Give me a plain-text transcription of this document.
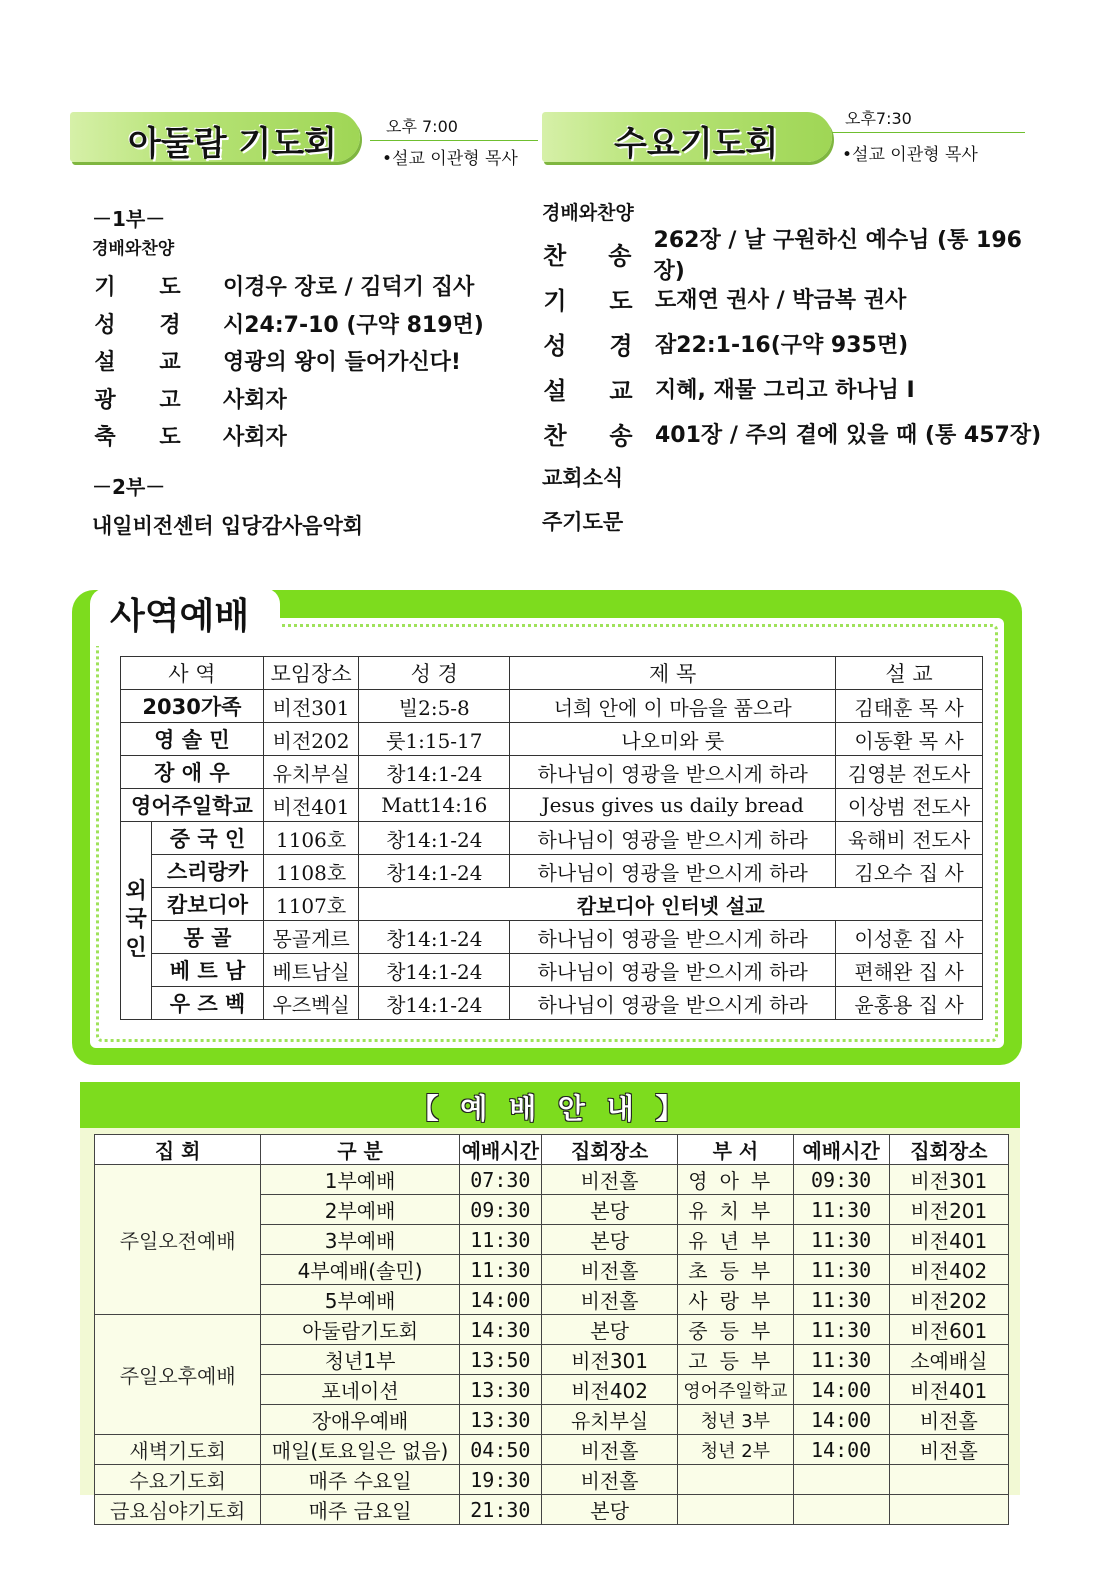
아둘람 기도회	오후 7:00
•설교 이관형 목사	수요기도회
오후7:30
•설교 이관형 목사
－1부－
경배와찬양
기 도 이경우 장로 / 김덕기 집사
성 경 시24:7-10 (구약 819면)
설 교 영광의 왕이 들어가신다!
광 고 사회자
축 도 사회자
－2부－
내일비전센터 입당감사음악회
경배와찬양
찬 송
262장 / 날 구원하신 예수님 (통 196장)
기 도 도재연 권사 / 박금복 권사
성 경 잠22:1-16(구약 935면)
설 교 지혜, 재물 그리고 하나님 Ⅰ
찬 송 401장 / 주의 곁에 있을 때 (통 457장)
교회소식
주기도문
사역예배
사 역		모임장소	성 경	제 목	설 교
2030가족		비전301	빌2:5-8	너희 안에 이 마음을 품으라	김태훈 목 사
영 솔 민		비전202	룻1:15-17	나오미와 룻	이동환 목 사
장 애 우		유치부실	창14:1-24	하나님이 영광을 받으시게 하라	김영분 전도사
영어주일학교		비전401	Matt14:16	Jesus gives us daily bread	이상범 전도사
외
국
인	중 국 인	1106호	창14:1-24	하나님이 영광을 받으시게 하라	육해비 전도사
	스리랑카	1108호	창14:1-24	하나님이 영광을 받으시게 하라	김오수 집 사
	캄보디아	1107호	캄보디아 인터넷 설교		
	몽 골	몽골게르	창14:1-24	하나님이 영광을 받으시게 하라	이성훈 집 사
	베 트 남	베트남실	창14:1-24	하나님이 영광을 받으시게 하라	편해완 집 사
	우 즈 벡	우즈벡실	창14:1-24	하나님이 영광을 받으시게 하라	윤홍용 집 사
【 예 배 안 내 】
집 회	구 분	예배시간	집회장소	부 서	예배시간	집회장소
주일오전예배	1부예배	07:30	비전홀	영아부	09:30	비전301
	2부예배	09:30	본당	유치부	11:30	비전201
	3부예배	11:30	본당	유년부	11:30	비전401
	4부예배(솔민)	11:30	비전홀	초등부	11:30	비전402
	5부예배	14:00	비전홀	사랑부	11:30	비전202
주일오후예배	아둘람기도회	14:30	본당	중등부	11:30	비전601
	청년1부	13:50	비전301	고등부	11:30	소예배실
	포네이션	13:30	비전402	영어주일학교	14:00	비전401
	장애우예배	13:30	유치부실	청년 3부	14:00	비전홀
새벽기도회	매일(토요일은 없음)	04:50	비전홀	청년 2부	14:00	비전홀
수요기도회	매주 수요일	19:30	비전홀			
금요심야기도회	매주 금요일	21:30	본당			
